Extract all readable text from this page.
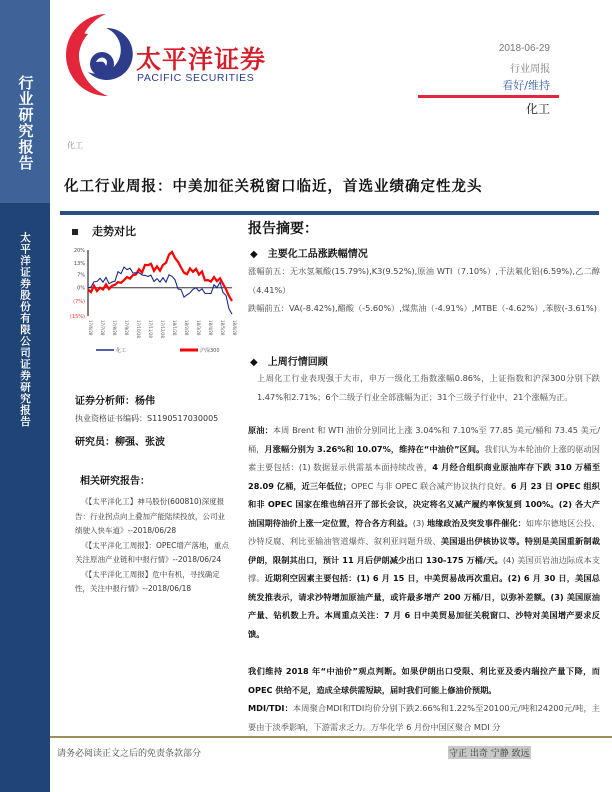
行业研究报告
太平洋证券股份有限公司证券研究报告
太平洋证券
PACIFIC SECURITIES
2018-06-29
行业周报
看好/维持
化工
化工
化工行业周报：中美加征关税窗口临近，首选业绩确定性龙头
走势对比
20%
13%
7%
0%
(7%)
(15%)
17/6/28 17/7/28 17/8/28 17/9/28 17/10/28 17/11/28 17/12/28 18/1/28 18/2/28 18/3/28 18/4/28 18/5/28 18/6/28
化工	沪深300
证券分析师：杨伟
执业资格证书编码：S1190517030005
研究员：柳强、张波
相关研究报告：

《【太平洋化工】神马股份(600810)深度报告：行业拐点向上叠加产能陆续投放，公司业绩驶入快车道》--2018/06/28

《【太平洋化工周报】：OPEC增产落地，重点关注原油产业链和中报行情》--2018/06/24

《【太平洋化工周报】危中有机，寻找确定性，关注中报行情》--2018/06/18

报告摘要：
◆ 主要化工品涨跌幅情况
涨幅前五：无水氢氟酸(15.79%),K3(9.52%),原油 WTI（7.10%）,干法氟化铝(6.59%),乙二醇（4.41%）
跌幅前五：VA(-8.42%),醋酸（-5.60%）,煤焦油（-4.91%）,MTBE（-4.62%）,苯胺(-3.61%)
◆ 上周行情回顾
上周化工行业表现强于大市，申万一级化工指数涨幅0.86%，上证指数和沪深300分别下跌1.47%和2.71%；6个二级子行业全部涨幅为正；31个三级子行业中，21个涨幅为正。
原油：本周 Brent 和 WTI 油价分别同比上涨 3.04%和 7.10%至 77.85 美元/桶和 73.45 美元/桶，月涨幅分别为 3.26%和 10.07%，维持在“中油价”区间。我们认为本轮油价上涨的驱动因素主要包括：(1) 数据显示供需基本面持续改善，4 月经合组织商业原油库存下跌 310 万桶至 28.09 亿桶，近三年低位；OPEC 与非 OPEC 联合减产协议执行良好。6 月 23 日 OPEC 组织和非 OPEC 国家在维也纳召开了部长会议，决定将名义减产履约率恢复到 100%。(2) 各大产油国期待油价上涨一定位置，符合各方利益。(3) 地缘政治及突发事件催化：如库尔德地区公投、沙特反腐、利比亚输油管道爆炸、叙利亚问题升级、美国退出伊核协议等。特别是美国重新制裁伊朗，限制其出口，预计 11 月后伊朗减少出口 130-175 万桶/天。(4) 美国页岩油边际成本支撑。近期利空因素主要包括：(1) 6 月 15 日，中美贸易战再次重启。(2) 6 月 30 日，美国总统发推表示，请求沙特增加原油产量，或许最多增产 200 万桶/日，以弥补差额。(3) 美国原油产量、钻机数上升。本周重点关注：7 月 6 日中美贸易加征关税窗口、沙特对美国增产要求反馈。
我们维持 2018 年“中油价”观点判断。如果伊朗出口受限、利比亚及委内瑞拉产量下降，而 OPEC 供给不足，造成全球供需短缺，届时我们可能上修油价预期。
MDI/TDI：本周聚合MDI和TDI均价分别下跌2.66%和1.22%至20100元/吨和24200元/吨，主要由于淡季影响，下游需求乏力。万华化学 6 月份中国区聚合 MDI 分
请务必阅读正文之后的免责条款部分	守正 出奇 宁静 致远
